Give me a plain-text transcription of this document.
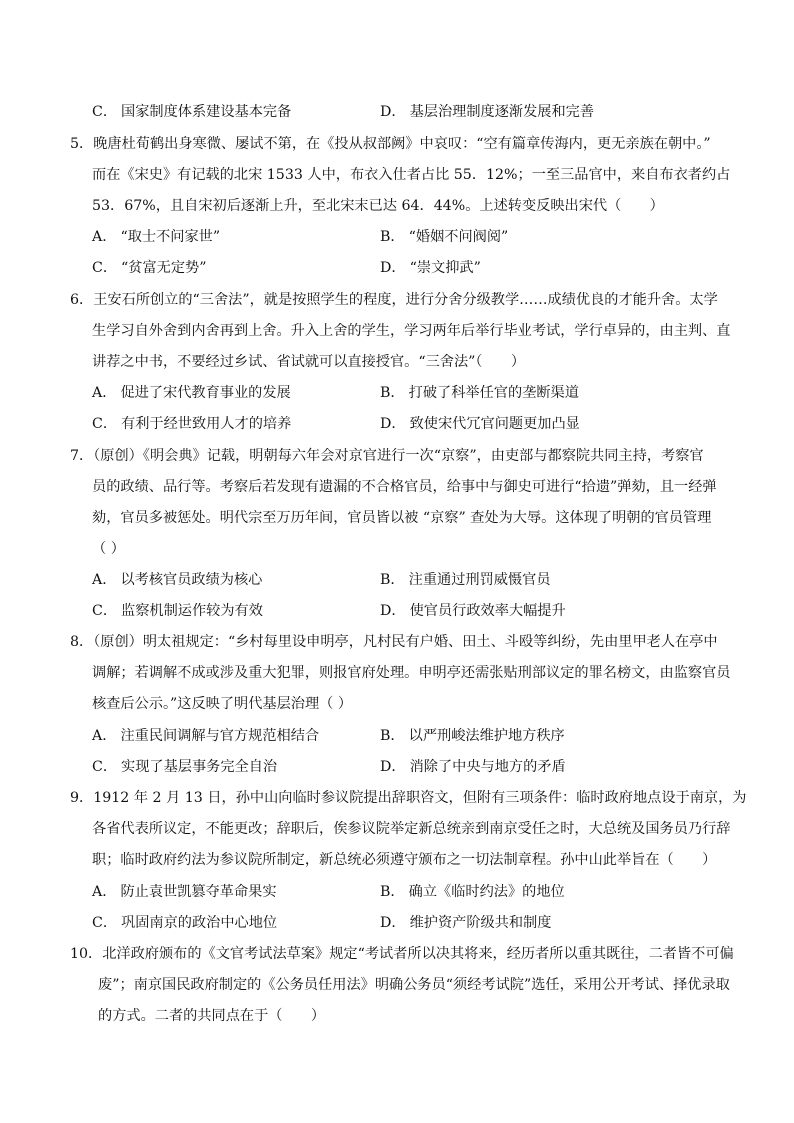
C． 国家制度体系建设基本完备	D． 基层治理制度逐渐发展和完善
5．晚唐杜荀鹤出身寒微、屡试不第，在《投从叔部阙》中哀叹：“空有篇章传海内，更无亲族在朝中。”
而在《宋史》有记载的北宋 1533 人中，布衣入仕者占比 55．12%；一至三品官中，来自布衣者约占
53．67%，且自宋初后逐渐上升，至北宋末已达 64．44%。上述转变反映出宋代（　　）
A． “取士不问家世”	B． “婚姻不问阀阅”
C． “贫富无定势”	D． “崇文抑武”
6．王安石所创立的“三舍法”，就是按照学生的程度，进行分舍分级教学……成绩优良的才能升舍。太学
生学习自外舍到内舍再到上舍。升入上舍的学生，学习两年后举行毕业考试，学行卓异的，由主判、直
讲荐之中书，不要经过乡试、省试就可以直接授官。“三舍法”（　　）
A． 促进了宋代教育事业的发展	B． 打破了科举任官的垄断渠道
C． 有利于经世致用人才的培养	D． 致使宋代冗官问题更加凸显
7．（原创）《明会典》记载，明朝每六年会对京官进行一次“京察”，由吏部与都察院共同主持，考察官
员的政绩、品行等。考察后若发现有遗漏的不合格官员，给事中与御史可进行“拾遗”弹劾，且一经弹
劾，官员多被惩处。明代宗至万历年间，官员皆以被 “京察” 查处为大辱。这体现了明朝的官员管理
（ ）
A． 以考核官员政绩为核心	B． 注重通过刑罚威慑官员
C． 监察机制运作较为有效	D． 使官员行政效率大幅提升
8．（原创）明太祖规定：“乡村每里设申明亭，凡村民有户婚、田土、斗殴等纠纷，先由里甲老人在亭中
调解；若调解不成或涉及重大犯罪，则报官府处理。申明亭还需张贴刑部议定的罪名榜文，由监察官员
核查后公示。”这反映了明代基层治理（ ）
A． 注重民间调解与官方规范相结合	B． 以严刑峻法维护地方秩序
C． 实现了基层事务完全自治	D． 消除了中央与地方的矛盾
9．1912 年 2 月 13 日，孙中山向临时参议院提出辞职咨文，但附有三项条件：临时政府地点设于南京，为
各省代表所议定，不能更改；辞职后，俟参议院举定新总统亲到南京受任之时，大总统及国务员乃行辞
职；临时政府约法为参议院所制定，新总统必须遵守颁布之一切法制章程。孙中山此举旨在（　　）
A． 防止袁世凯篡夺革命果实	B． 确立《临时约法》的地位
C． 巩固南京的政治中心地位	D． 维护资产阶级共和制度
10．北洋政府颁布的《文官考试法草案》规定“考试者所以决其将来，经历者所以重其既往，二者皆不可偏
废”；南京国民政府制定的《公务员任用法》明确公务员“须经考试院”选任，采用公开考试、择优录取
的方式。二者的共同点在于（　　）
